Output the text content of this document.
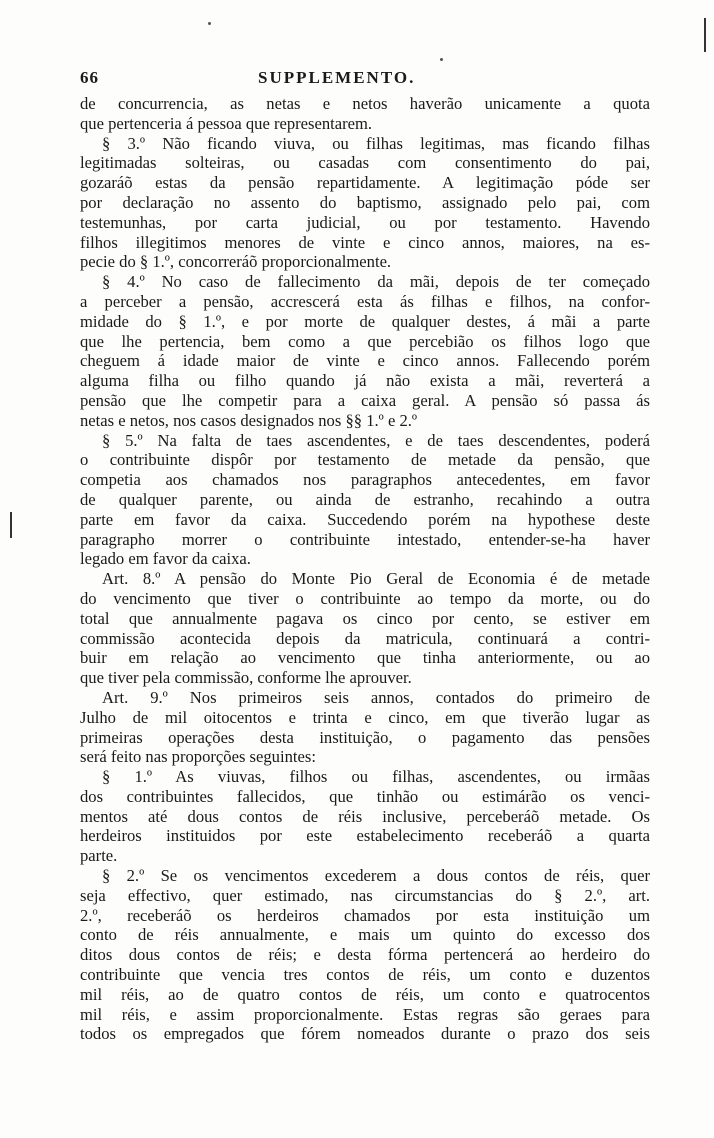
66	SUPPLEMENTO.
de concurrencia, as netas e netos haverão unicamente a quota
que pertenceria á pessoa que representarem.
§ 3.º Não ficando viuva, ou filhas legitimas, mas ficando filhas
legitimadas solteiras, ou casadas com consentimento do pai,
gozaráõ estas da pensão repartidamente. A legitimação póde ser
por declaração no assento do baptismo, assignado pelo pai, com
testemunhas, por carta judicial, ou por testamento. Havendo
filhos illegitimos menores de vinte e cinco annos, maiores, na es-
pecie do § 1.º, concorreráõ proporcionalmente.
§ 4.º No caso de fallecimento da mãi, depois de ter começado
a perceber a pensão, accrescerá esta ás filhas e filhos, na confor-
midade do § 1.º, e por morte de qualquer destes, á mãi a parte
que lhe pertencia, bem como a que percebião os filhos logo que
cheguem á idade maior de vinte e cinco annos. Fallecendo porém
alguma filha ou filho quando já não exista a mãi, reverterá a
pensão que lhe competir para a caixa geral. A pensão só passa ás
netas e netos, nos casos designados nos §§ 1.º e 2.º
§ 5.º Na falta de taes ascendentes, e de taes descendentes, poderá
o contribuinte dispôr por testamento de metade da pensão, que
competia aos chamados nos paragraphos antecedentes, em favor
de qualquer parente, ou ainda de estranho, recahindo a outra
parte em favor da caixa. Succedendo porém na hypothese deste
paragrapho morrer o contribuinte intestado, entender-se-ha haver
legado em favor da caixa.
Art. 8.º A pensão do Monte Pio Geral de Economia é de metade
do vencimento que tiver o contribuinte ao tempo da morte, ou do
total que annualmente pagava os cinco por cento, se estiver em
commissão acontecida depois da matricula, continuará a contri-
buir em relação ao vencimento que tinha anteriormente, ou ao
que tiver pela commissão, conforme lhe aprouver.
Art. 9.º Nos primeiros seis annos, contados do primeiro de
Julho de mil oitocentos e trinta e cinco, em que tiverão lugar as
primeiras operações desta instituição, o pagamento das pensões
será feito nas proporções seguintes:
§ 1.º As viuvas, filhos ou filhas, ascendentes, ou irmãas
dos contribuintes fallecidos, que tinhão ou estimárão os venci-
mentos até dous contos de réis inclusive, perceberáõ metade. Os
herdeiros instituidos por este estabelecimento receberáõ a quarta
parte.
§ 2.º Se os vencimentos excederem a dous contos de réis, quer
seja effectivo, quer estimado, nas circumstancias do § 2.º, art.
2.º, receberáõ os herdeiros chamados por esta instituição um
conto de réis annualmente, e mais um quinto do excesso dos
ditos dous contos de réis; e desta fórma pertencerá ao herdeiro do
contribuinte que vencia tres contos de réis, um conto e duzentos
mil réis, ao de quatro contos de réis, um conto e quatrocentos
mil réis, e assim proporcionalmente. Estas regras são geraes para
todos os empregados que fórem nomeados durante o prazo dos seis
